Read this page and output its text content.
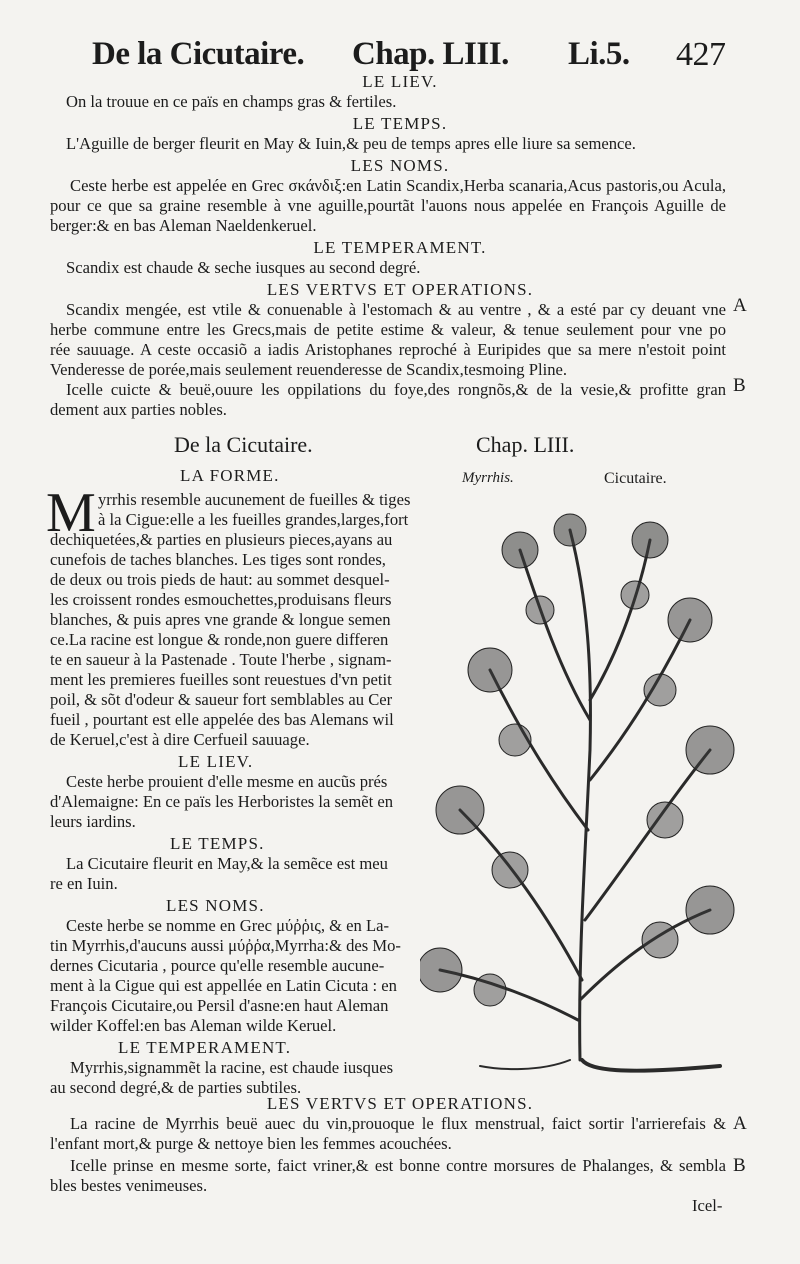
De la Cicutaire. Chap. LIII. Li.5. 427
LE LIEV.
On la trouue en ce païs en champs gras & fertiles.
LE TEMPS.
L'Aguille de berger fleurit en May & Iuin,& peu de temps apres elle liure sa semence.
LES NOMS.
Ceste herbe est appelée en Grec σκάνδιξ:en Latin Scandix,Herba scanaria,Acus pastoris,ou Acula,
pour ce que sa graine resemble à vne aguille,pourtãt l'auons nous appelée en François Aguille de
berger:& en bas Aleman Naeldenkeruel.
LE TEMPERAMENT.
Scandix est chaude & seche iusques au second degré.
LES VERTVS ET OPERATIONS.
Scandix mengée, est vtile & conuenable à l'estomach & au ventre , & a esté par cy deuant vne
herbe commune entre les Grecs,mais de petite estime & valeur, & tenue seulement pour vne po
rée sauuage. A ceste occasiõ a iadis Aristophanes reproché à Euripides que sa mere n'estoit point
Venderesse de porée,mais seulement reuenderesse de Scandix,tesmoing Pline.
Icelle cuicte & beuë,ouure les oppilations du foye,des rongnõs,& de la vesie,& profitte gran
dement aux parties nobles.
A
B
De la Cicutaire.	Chap. LIII.
LA FORME.
M yrrhis resemble aucunement de fueilles & tiges
à la Cigue:elle a les fueilles grandes,larges,fort
dechiquetées,& parties en plusieurs pieces,ayans au
cunefois de taches blanches. Les tiges sont rondes,
de deux ou trois pieds de haut: au sommet desquel-
les croissent rondes esmouchettes,produisans fleurs
blanches, & puis apres vne grande & longue semen
ce.La racine est longue & ronde,non guere differen
te en saueur à la Pastenade . Toute l'herbe , signam-
ment les premieres fueilles sont reuestues d'vn petit
poil, & sõt d'odeur & saueur fort semblables au Cer
fueil , pourtant est elle appelée des bas Alemans wil
de Keruel,c'est à dire Cerfueil sauuage.
LE LIEV.
Ceste herbe prouient d'elle mesme en aucũs prés
d'Alemaigne: En ce païs les Herboristes la semẽt en
leurs iardins.
LE TEMPS.
La Cicutaire fleurit en May,& la semẽce est meu
re en Iuin.
LES NOMS.
Ceste herbe se nomme en Grec μύῤῥις, & en La-
tin Myrrhis,d'aucuns aussi μύῤῥα,Myrrha:& des Mo-
dernes Cicutaria , pource qu'elle resemble aucune-
ment à la Cigue qui est appellée en Latin Cicuta : en
François Cicutaire,ou Persil d'asne:en haut Aleman
wilder Koffel:en bas Aleman wilde Keruel.
LE TEMPERAMENT.
Myrrhis,signammẽt la racine, est chaude iusques
au second degré,& de parties subtiles.
Myrrhis.	Cicutaire.
LES VERTVS ET OPERATIONS.
La racine de Myrrhis beuë auec du vin,prouoque le flux menstrual, faict sortir l'arrierefais &
l'enfant mort,& purge & nettoye bien les femmes acouchées.
Icelle prinse en mesme sorte, faict vriner,& est bonne contre morsures de Phalanges, & sembla
bles bestes venimeuses.
A
B
Icel-
